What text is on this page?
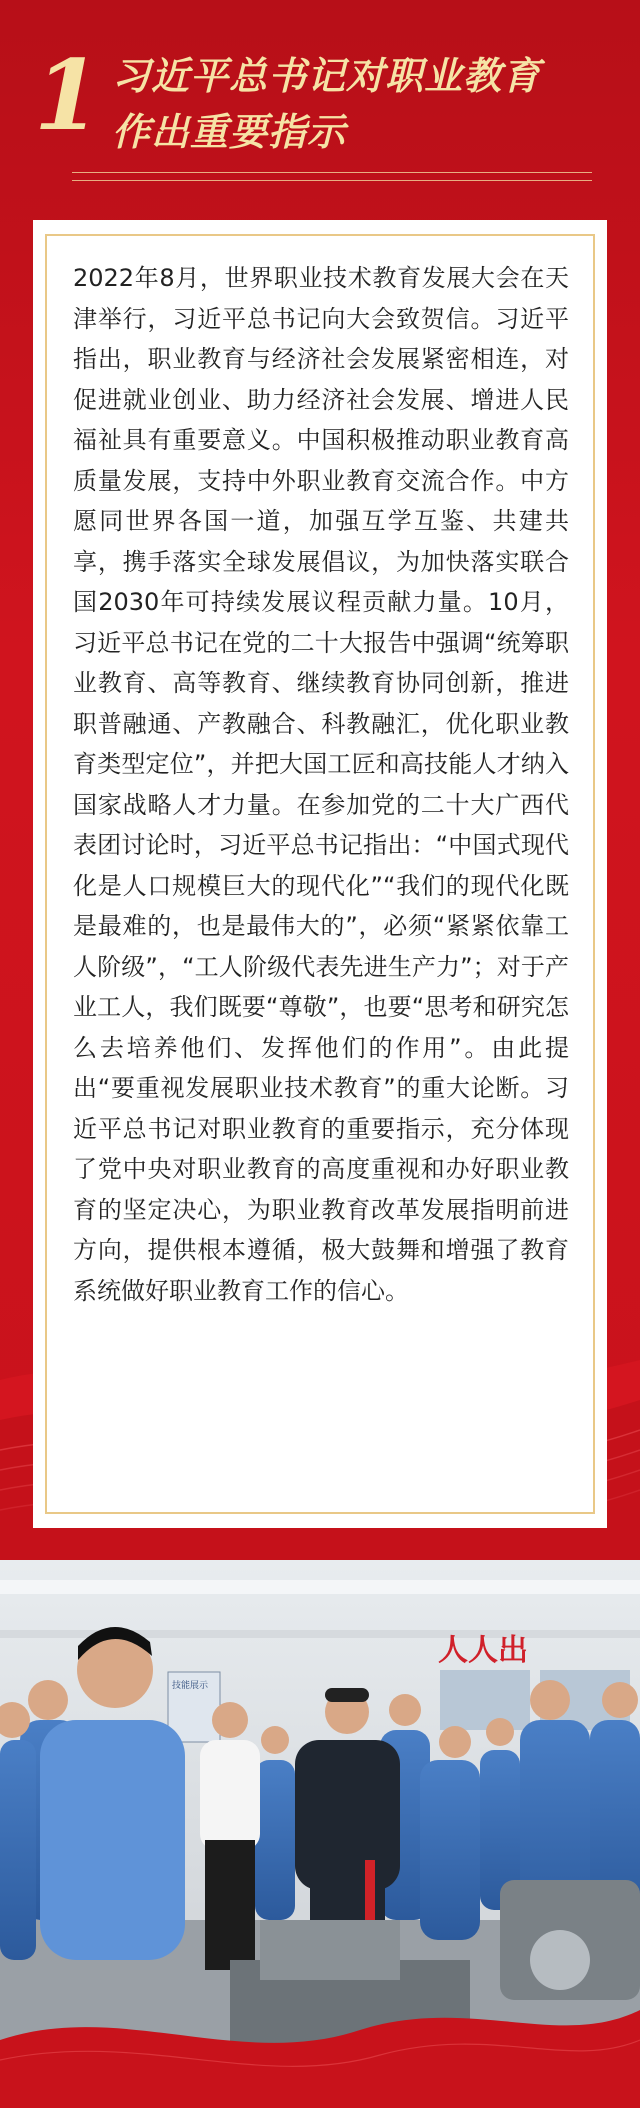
1 习近平总书记对职业教育
作出重要指示

2022年8月，世界职业技术教育发展大会在天津举行，习近平总书记向大会致贺信。习近平指出，职业教育与经济社会发展紧密相连，对促进就业创业、助力经济社会发展、增进人民福祉具有重要意义。中国积极推动职业教育高质量发展，支持中外职业教育交流合作。中方愿同世界各国一道，加强互学互鉴、共建共享，携手落实全球发展倡议，为加快落实联合国2030年可持续发展议程贡献力量。10月，习近平总书记在党的二十大报告中强调“统筹职业教育、高等教育、继续教育协同创新，推进职普融通、产教融合、科教融汇，优化职业教育类型定位”，并把大国工匠和高技能人才纳入国家战略人才力量。在参加党的二十大广西代表团讨论时，习近平总书记指出：“中国式现代化是人口规模巨大的现代化”“我们的现代化既是最难的，也是最伟大的”，必须“紧紧依靠工人阶级”，“工人阶级代表先进生产力”；对于产业工人，我们既要“尊敬”，也要“思考和研究怎么去培养他们、发挥他们的作用”。由此提出“要重视发展职业技术教育”的重大论断。习近平总书记对职业教育的重要指示，充分体现了党中央对职业教育的高度重视和办好职业教育的坚定决心，为职业教育改革发展指明前进方向，提供根本遵循，极大鼓舞和增强了教育系统做好职业教育工作的信心。

人人出
技能展示
